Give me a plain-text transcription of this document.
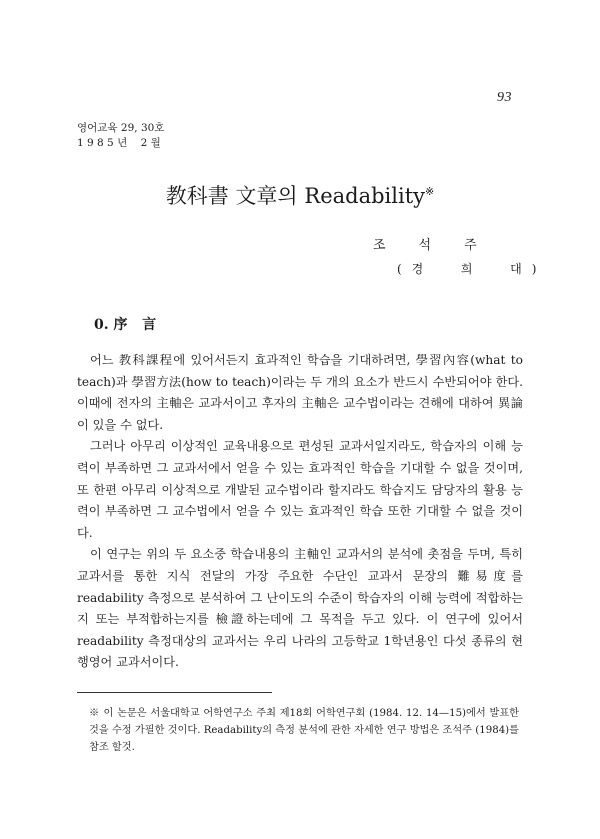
93
영어교육 29, 30호
1 9 8 5 년    2 월
教科書 文章의 Readability※
조석주
(경  희  대)
0. 序   言

어느 教科課程에 있어서든지 효과적인 학습을 기대하려면, 學習內容(what to teach)과 學習方法(how to teach)이라는 두 개의 요소가 반드시 수반되어야 한다. 이때에 전자의 主軸은 교과서이고 후자의 主軸은 교수법이라는 견해에 대하여 異論이 있을 수 없다.

그러나 아무리 이상적인 교육내용으로 편성된 교과서일지라도, 학습자의 이해 능력이 부족하면 그 교과서에서 얻을 수 있는 효과적인 학습을 기대할 수 없을 것이며, 또 한편 아무리 이상적으로 개발된 교수법이라 할지라도 학습지도 담당자의 활용 능력이 부족하면 그 교수법에서 얻을 수 있는 효과적인 학습 또한 기대할 수 없을 것이다.

이 연구는 위의 두 요소중 학습내용의 主軸인 교과서의 분석에 촛점을 두며, 특히 교과서를 통한 지식 전달의 가장 주요한 수단인 교과서 문장의 難易度를 readability 측정으로 분석하여 그 난이도의 수준이 학습자의 이해 능력에 적합하는지 또는 부적합하는지를 檢證하는데에 그 목적을 두고 있다. 이 연구에 있어서 readability 측정대상의 교과서는 우리 나라의 고등학교 1학년용인 다섯 종류의 현행영어 교과서이다.

※ 이 논문은 서울대학교 어학연구소 주최 제18회 어학연구회 (1984. 12. 14—15)에서 발표한 것을 수정 가필한 것이다. Readability의 측정 분석에 관한 자세한 연구 방법은 조석주 (1984)를 참조 할것.
